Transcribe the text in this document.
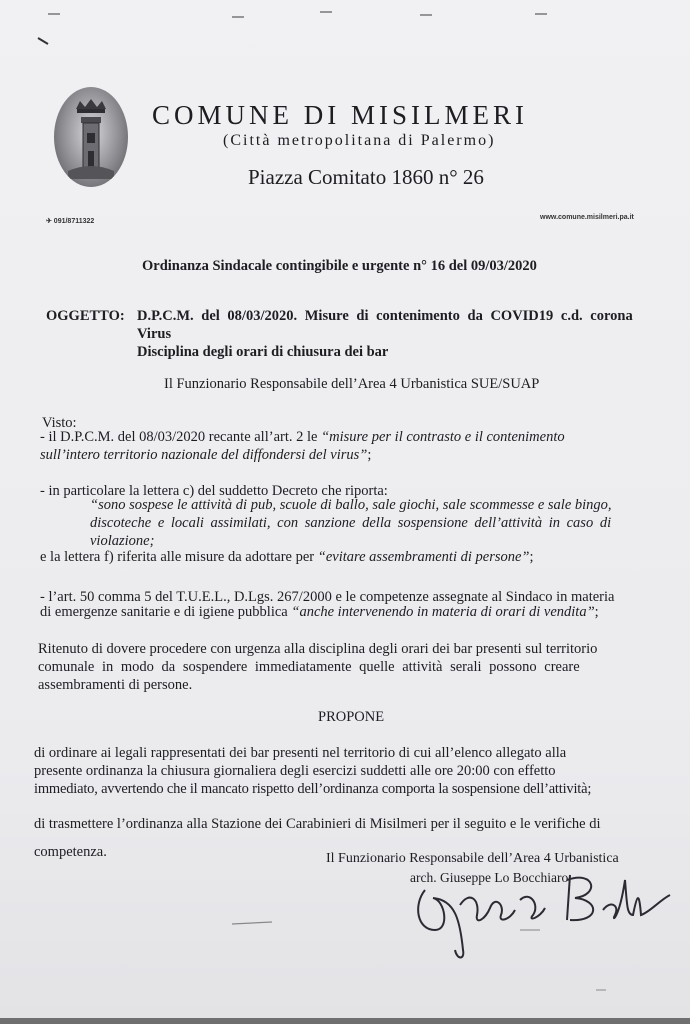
COMUNE DI MISILMERI
(Città metropolitana di Palermo)
Piazza Comitato 1860 n° 26
✈ 091/8711322
www.comune.misilmeri.pa.it
Ordinanza Sindacale contingibile e urgente n° 16 del 09/03/2020
OGGETTO: D.P.C.M. del 08/03/2020. Misure di contenimento da COVID19 c.d. corona
Virus
Disciplina degli orari di chiusura dei bar
Il Funzionario Responsabile dell’Area 4 Urbanistica SUE/SUAP
Visto:
- il D.P.C.M. del 08/03/2020 recante all’art. 2 le “misure per il contrasto e il contenimento
sull’intero territorio nazionale del diffondersi del virus”;
- in particolare la lettera c) del suddetto Decreto che riporta:
“sono sospese le attività di pub, scuole di ballo, sale giochi, sale scommesse e sale bingo,
discoteche e locali assimilati, con sanzione della sospensione dell’attività in caso di
violazione;
e la lettera f) riferita alle misure da adottare per “evitare assembramenti di persone”;
- l’art. 50 comma 5 del T.U.E.L., D.Lgs. 267/2000 e le competenze assegnate al Sindaco in materia
di emergenze sanitarie e di igiene pubblica “anche intervenendo in materia di orari di vendita”;
Ritenuto di dovere procedere con urgenza alla disciplina degli orari dei bar presenti sul territorio
comunale in modo da sospendere immediatamente quelle attività serali possono creare
assembramenti di persone.
PROPONE
di ordinare ai legali rappresentati dei bar presenti nel territorio di cui all’elenco allegato alla
presente ordinanza la chiusura giornaliera degli esercizi suddetti alle ore 20:00 con effetto
immediato, avvertendo che il mancato rispetto dell’ordinanza comporta la sospensione dell’attività;
di trasmettere l’ordinanza alla Stazione dei Carabinieri di Misilmeri per il seguito e le verifiche di
competenza.	Il Funzionario Responsabile dell’Area 4 Urbanistica
arch. Giuseppe Lo Bocchiaro
